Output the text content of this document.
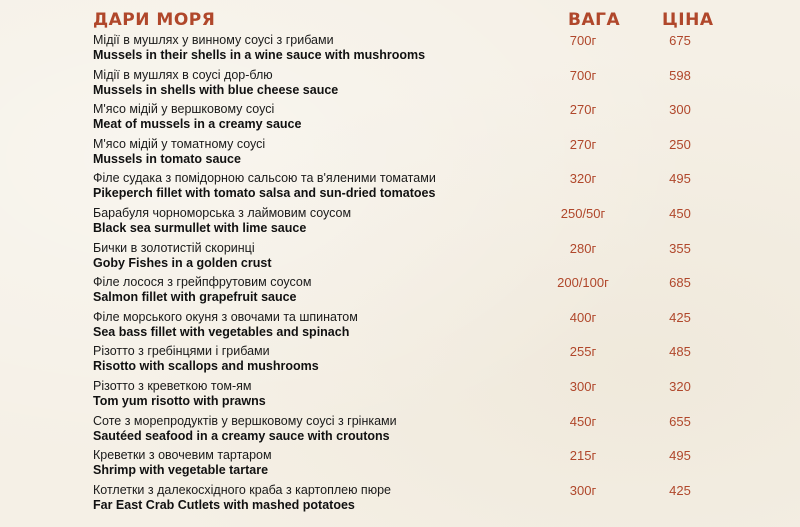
ДАРИ МОРЯ	ВАГА ЦІНА
Мідії в мушлях у винному соусі з грибами
Mussels in their shells in a wine sauce with mushrooms
700г	675
Мідії в мушлях в соусі дор-блю
Mussels in shells with blue cheese sauce
700г	598
М'ясо мідій у вершковому соусі
Meat of mussels in a creamy sauce
270г	300
М'ясо мідій у томатному соусі
Mussels in tomato sauce
270г	250
Філе судака з помідорною сальсою та в'яленими томатами
Pikeperch fillet with tomato salsa and sun-dried tomatoes
320г	495
Барабуля чорноморська з лаймовим соусом
Black sea surmullet with lime sauce
250/50г	450
Бички в золотистій скоринці
Goby Fishes in a golden crust
280г	355
Філе лосося з грейпфрутовим соусом
Salmon fillet with grapefruit sauce
200/100г	685
Філе морського окуня з овочами та шпинатом
Sea bass fillet with vegetables and spinach
400г	425
Різотто з гребінцями і грибами
Risotto with scallops and mushrooms
255г	485
Різотто з креветкою том-ям
Tom yum risotto with prawns
300г	320
Соте з морепродуктів у вершковому соусі з грінками
Sautéed seafood in a creamy sauce with croutons
450г	655
Креветки з овочевим тартаром
Shrimp with vegetable tartare
215г	495
Котлетки з далекосхідного краба з картоплею пюре
Far East Crab Cutlets with mashed potatoes
300г	425
